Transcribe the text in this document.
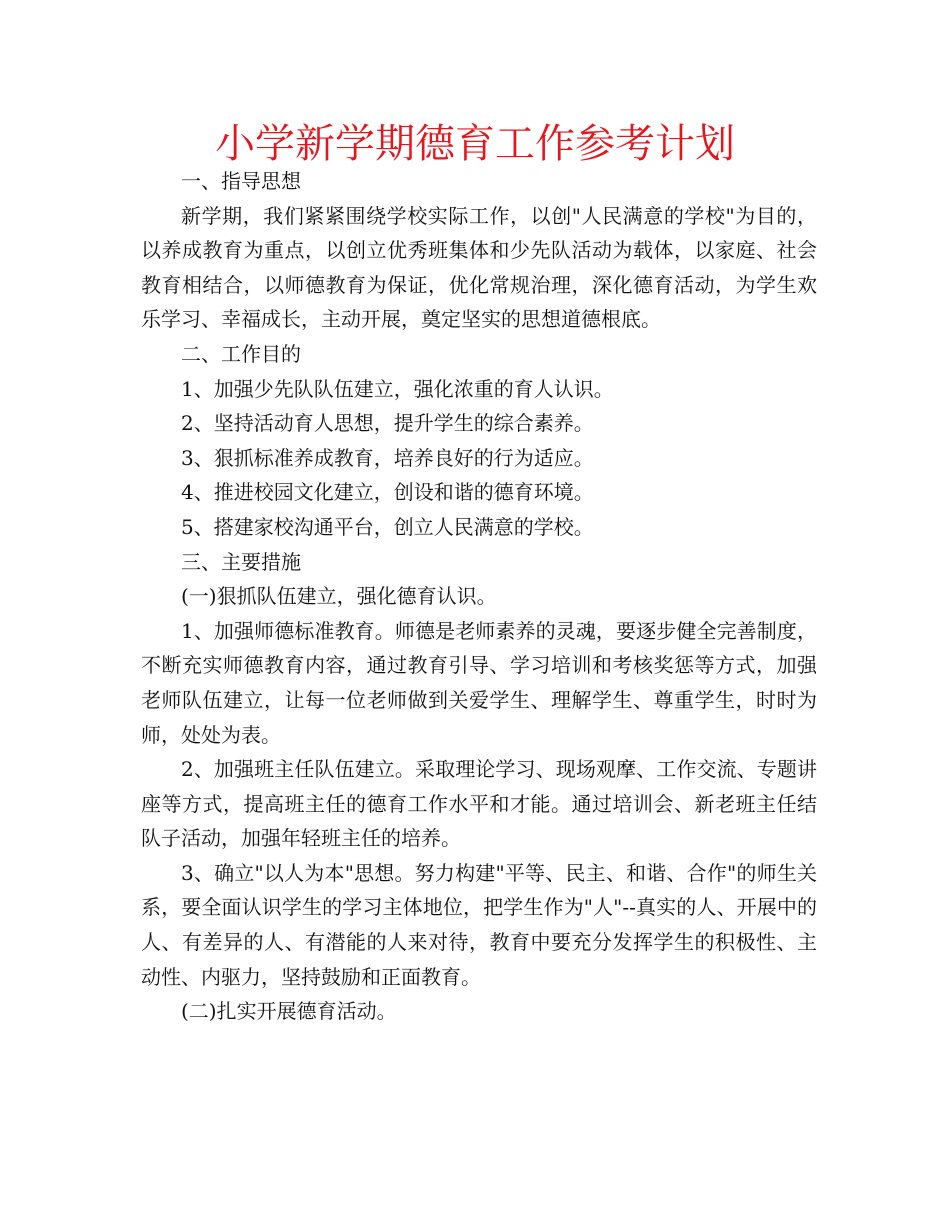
小学新学期德育工作参考计划

一、指导思想

新学期，我们紧紧围绕学校实际工作，以创"人民满意的学校"为目的，以养成教育为重点，以创立优秀班集体和少先队活动为载体，以家庭、社会教育相结合，以师德教育为保证，优化常规治理，深化德育活动，为学生欢乐学习、幸福成长，主动开展，奠定坚实的思想道德根底。

二、工作目的

1、加强少先队队伍建立，强化浓重的育人认识。

2、坚持活动育人思想，提升学生的综合素养。

3、狠抓标准养成教育，培养良好的行为适应。

4、推进校园文化建立，创设和谐的德育环境。

5、搭建家校沟通平台，创立人民满意的学校。

三、主要措施

(一)狠抓队伍建立，强化德育认识。

1、加强师德标准教育。师德是老师素养的灵魂，要逐步健全完善制度，不断充实师德教育内容，通过教育引导、学习培训和考核奖惩等方式，加强老师队伍建立，让每一位老师做到关爱学生、理解学生、尊重学生，时时为师，处处为表。

2、加强班主任队伍建立。采取理论学习、现场观摩、工作交流、专题讲座等方式，提高班主任的德育工作水平和才能。通过培训会、新老班主任结队子活动，加强年轻班主任的培养。

3、确立"以人为本"思想。努力构建"平等、民主、和谐、合作"的师生关系，要全面认识学生的学习主体地位，把学生作为"人"--真实的人、开展中的人、有差异的人、有潜能的人来对待，教育中要充分发挥学生的积极性、主动性、内驱力，坚持鼓励和正面教育。

(二)扎实开展德育活动。
